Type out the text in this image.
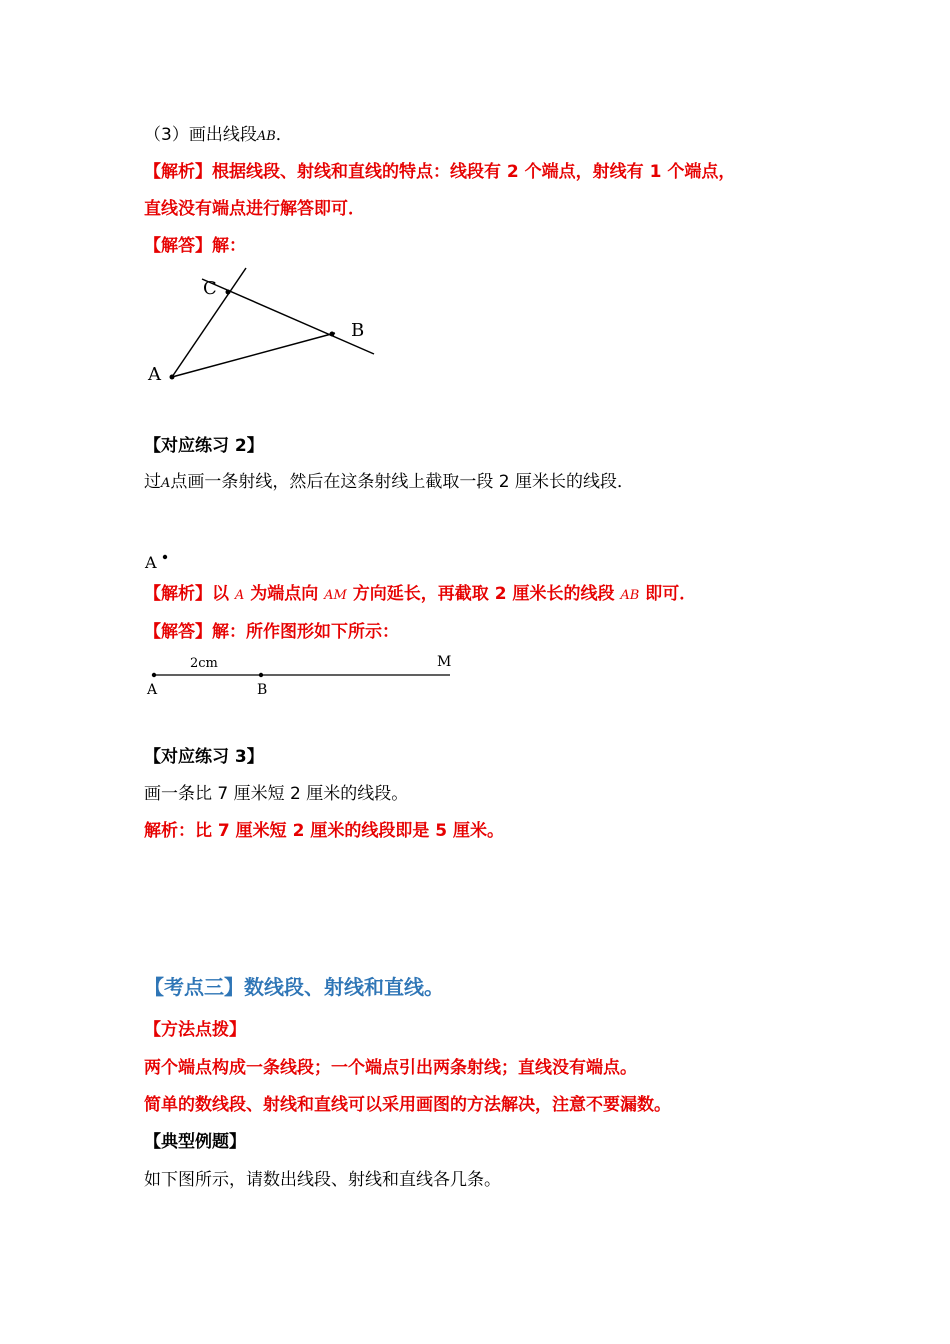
（3）画出线段AB．
【解析】根据线段、射线和直线的特点：线段有 2 个端点，射线有 1 个端点，
直线没有端点进行解答即可．
【解答】解：
A
C
B
【对应练习 2】
过A点画一条射线，然后在这条射线上截取一段 2 厘米长的线段．
A
【解析】以 A 为端点向 AM 方向延长，再截取 2 厘米长的线段 AB 即可．
【解答】解：所作图形如下所示：
2cm	M
A	B
【对应练习 3】
画一条比 7 厘米短 2 厘米的线段。
解析：比 7 厘米短 2 厘米的线段即是 5 厘米。
【考点三】数线段、射线和直线。
【方法点拨】
两个端点构成一条线段；一个端点引出两条射线；直线没有端点。
简单的数线段、射线和直线可以采用画图的方法解决，注意不要漏数。
【典型例题】
如下图所示，请数出线段、射线和直线各几条。
